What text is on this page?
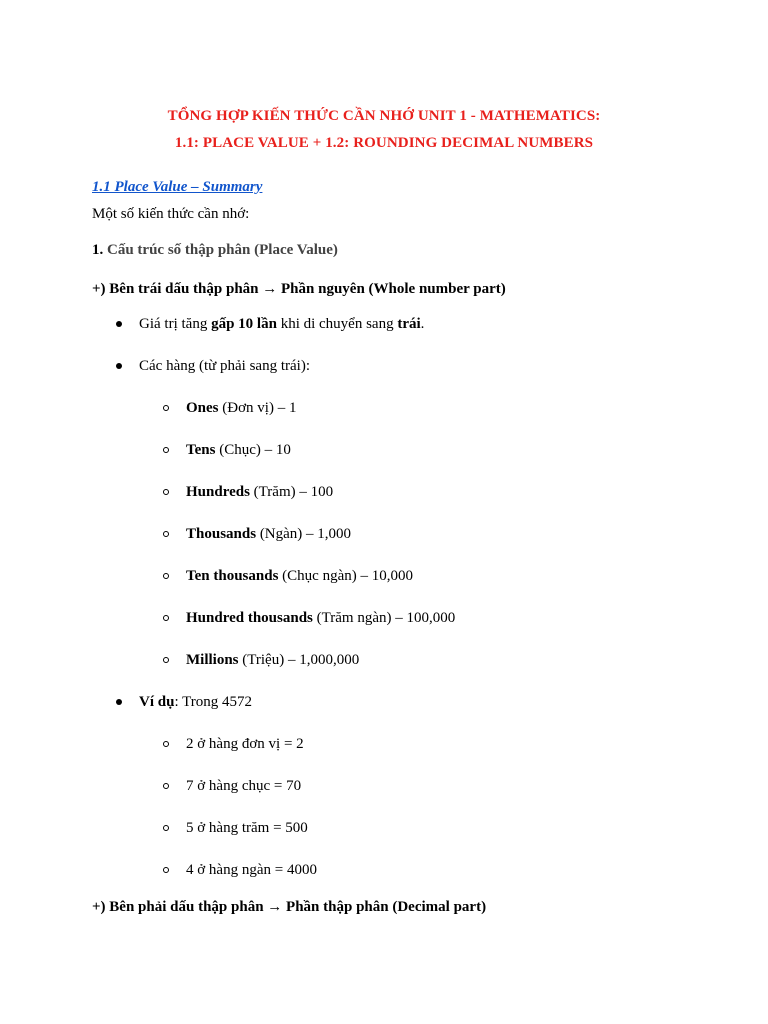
TỔNG HỢP KIẾN THỨC CẦN NHỚ UNIT 1 - MATHEMATICS:
1.1: PLACE VALUE + 1.2: ROUNDING DECIMAL NUMBERS
1.1 Place Value – Summary
Một số kiến thức cần nhớ:
1. Cấu trúc số thập phân (Place Value)
+) Bên trái dấu thập phân → Phần nguyên (Whole number part)
Giá trị tăng gấp 10 lần khi di chuyển sang trái.
Các hàng (từ phải sang trái):
Ones (Đơn vị) – 1
Tens (Chục) – 10
Hundreds (Trăm) – 100
Thousands (Ngàn) – 1,000
Ten thousands (Chục ngàn) – 10,000
Hundred thousands (Trăm ngàn) – 100,000
Millions (Triệu) – 1,000,000
Ví dụ: Trong 4572
2 ở hàng đơn vị = 2
7 ở hàng chục = 70
5 ở hàng trăm = 500
4 ở hàng ngàn = 4000
+) Bên phải dấu thập phân → Phần thập phân (Decimal part)
